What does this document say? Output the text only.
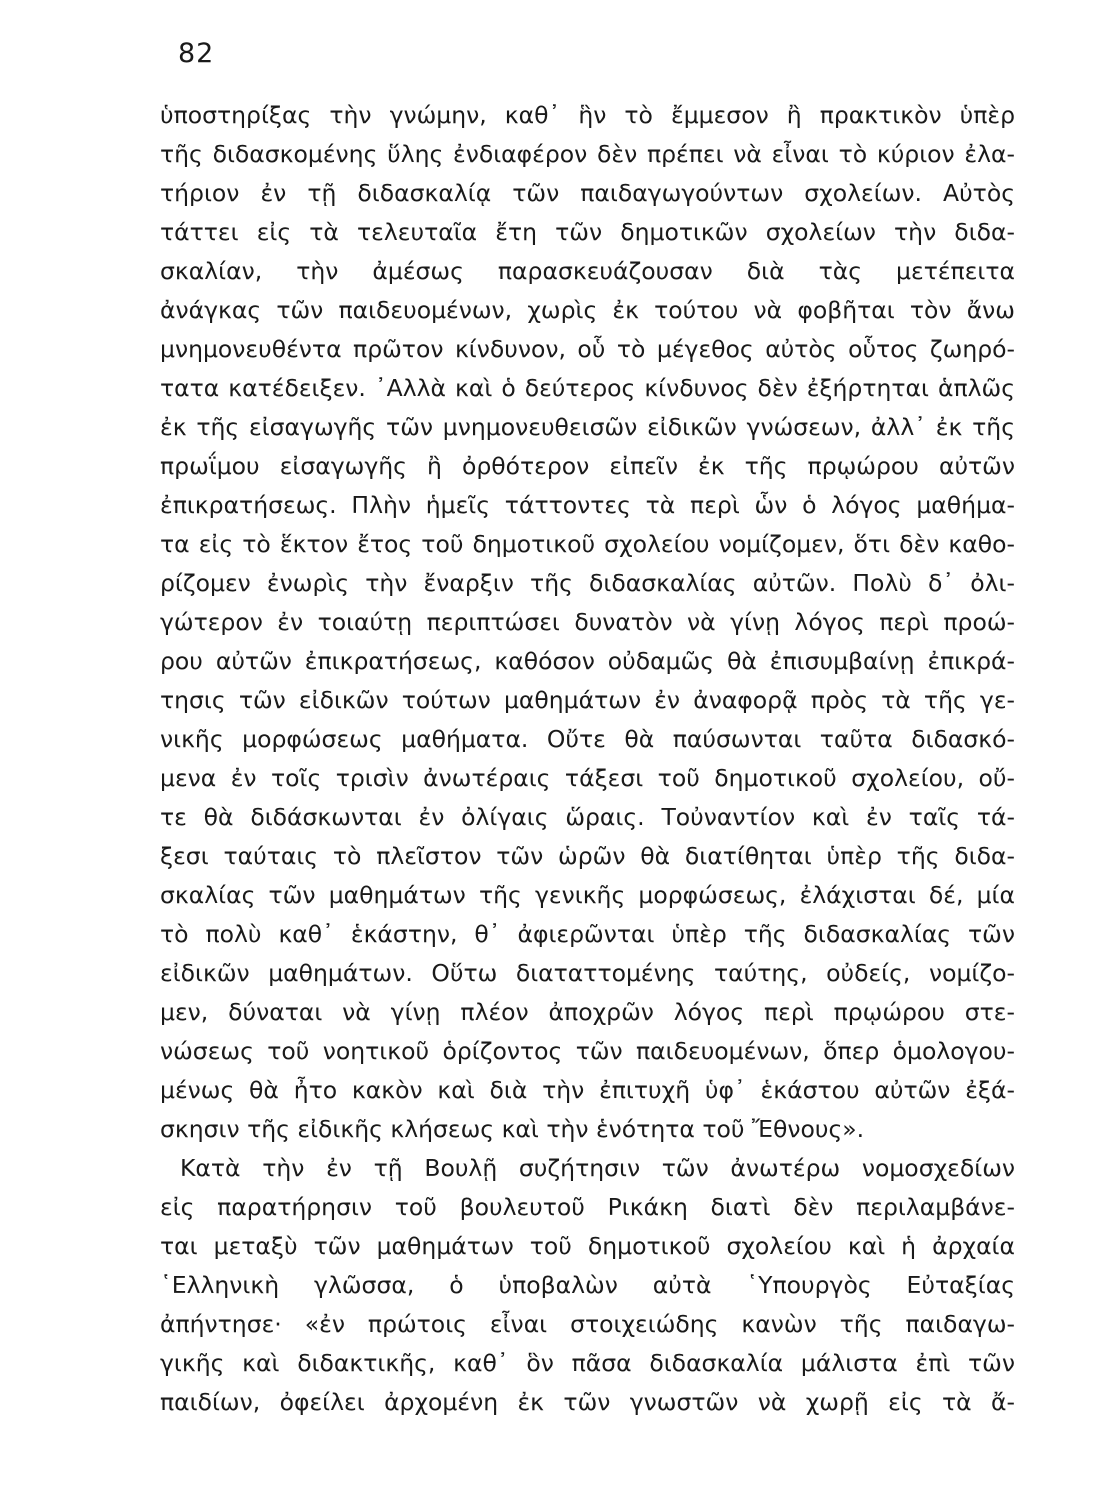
82
ὑποστηρίξας τὴν γνώμην, καθ᾽ ἣν τὸ ἔμμεσον ἢ πρακτικὸν ὑπὲρ
τῆς διδασκομένης ὕλης ἐνδιαφέρον δὲν πρέπει νὰ εἶναι τὸ κύριον ἐλα-
τήριον ἐν τῇ διδασκαλίᾳ τῶν παιδαγωγούντων σχολείων. Αὐτὸς
τάττει εἰς τὰ τελευταῖα ἔτη τῶν δημοτικῶν σχολείων τὴν διδα-
σκαλίαν, τὴν ἀμέσως παρασκευάζουσαν διὰ τὰς μετέπειτα
ἀνάγκας τῶν παιδευομένων, χωρὶς ἐκ τούτου νὰ φοβῆται τὸν ἄνω
μνημονευθέντα πρῶτον κίνδυνον, οὗ τὸ μέγεθος αὐτὸς οὗτος ζωηρό-
τατα κατέδειξεν. ᾽Αλλὰ καὶ ὁ δεύτερος κίνδυνος δὲν ἐξήρτηται ἁπλῶς
ἐκ τῆς εἰσαγωγῆς τῶν μνημονευθεισῶν εἰδικῶν γνώσεων, ἀλλ᾽ ἐκ τῆς
πρωΐμου εἰσαγωγῆς ἢ ὀρθότερον εἰπεῖν ἐκ τῆς πρῳώρου αὐτῶν
ἐπικρατήσεως. Πλὴν ἡμεῖς τάττοντες τὰ περὶ ὧν ὁ λόγος μαθήμα-
τα εἰς τὸ ἕκτον ἔτος τοῦ δημοτικοῦ σχολείου νομίζομεν, ὅτι δὲν καθο-
ρίζομεν ἐνωρὶς τὴν ἔναρξιν τῆς διδασκαλίας αὐτῶν. Πολὺ δ᾽ ὀλι-
γώτερον ἐν τοιαύτῃ περιπτώσει δυνατὸν νὰ γίνῃ λόγος περὶ προώ-
ρου αὐτῶν ἐπικρατήσεως, καθόσον οὐδαμῶς θὰ ἐπισυμβαίνῃ ἐπικρά-
τησις τῶν εἰδικῶν τούτων μαθημάτων ἐν ἀναφορᾷ πρὸς τὰ τῆς γε-
νικῆς μορφώσεως μαθήματα. Οὔτε θὰ παύσωνται ταῦτα διδασκό-
μενα ἐν τοῖς τρισὶν ἀνωτέραις τάξεσι τοῦ δημοτικοῦ σχολείου, οὔ-
τε θὰ διδάσκωνται ἐν ὀλίγαις ὥραις. Τοὐναντίον καὶ ἐν ταῖς τά-
ξεσι ταύταις τὸ πλεῖστον τῶν ὡρῶν θὰ διατίθηται ὑπὲρ τῆς διδα-
σκαλίας τῶν μαθημάτων τῆς γενικῆς μορφώσεως, ἐλάχισται δέ, μία
τὸ πολὺ καθ᾽ ἑκάστην, θ᾽ ἀφιερῶνται ὑπὲρ τῆς διδασκαλίας τῶν
εἰδικῶν μαθημάτων. Οὕτω διαταττομένης ταύτης, οὐδείς, νομίζο-
μεν, δύναται νὰ γίνῃ πλέον ἀποχρῶν λόγος περὶ πρῳώρου στε-
νώσεως τοῦ νοητικοῦ ὁρίζοντος τῶν παιδευομένων, ὅπερ ὁμολογου-
μένως θὰ ἦτο κακὸν καὶ διὰ τὴν ἐπιτυχῆ ὑφ᾽ ἑκάστου αὐτῶν ἐξά-
σκησιν τῆς εἰδικῆς κλήσεως καὶ τὴν ἑνότητα τοῦ Ἔθνους».
Κατὰ τὴν ἐν τῇ Βουλῇ συζήτησιν τῶν ἀνωτέρω νομοσχεδίων
εἰς παρατήρησιν τοῦ βουλευτοῦ Ρικάκη διατὶ δὲν περιλαμβάνε-
ται μεταξὺ τῶν μαθημάτων τοῦ δημοτικοῦ σχολείου καὶ ἡ ἀρχαία
῾Ελληνικὴ γλῶσσα, ὁ ὑποβαλὼν αὐτὰ ῾Υπουργὸς Εὐταξίας
ἀπήντησε· «ἐν πρώτοις εἶναι στοιχειώδης κανὼν τῆς παιδαγω-
γικῆς καὶ διδακτικῆς, καθ᾽ ὃν πᾶσα διδασκαλία μάλιστα ἐπὶ τῶν
παιδίων, ὀφείλει ἀρχομένη ἐκ τῶν γνωστῶν νὰ χωρῇ εἰς τὰ ἄ-
